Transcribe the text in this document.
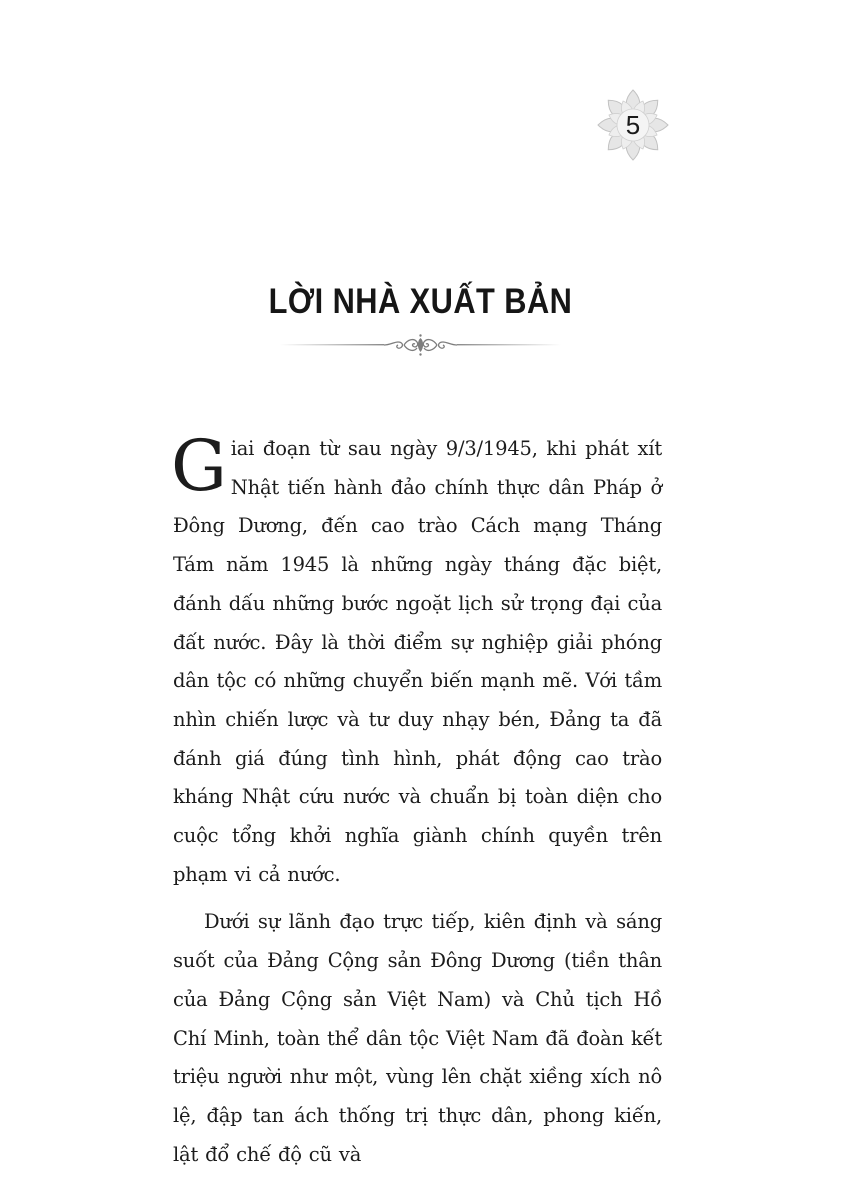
5
LỜI NHÀ XUẤT BẢN

Giai đoạn từ sau ngày 9/3/1945, khi phát xít Nhật tiến hành đảo chính thực dân Pháp ở Đông Dương, đến cao trào Cách mạng Tháng Tám năm 1945 là những ngày tháng đặc biệt, đánh dấu những bước ngoặt lịch sử trọng đại của đất nước. Đây là thời điểm sự nghiệp giải phóng dân tộc có những chuyển biến mạnh mẽ. Với tầm nhìn chiến lược và tư duy nhạy bén, Đảng ta đã đánh giá đúng tình hình, phát động cao trào kháng Nhật cứu nước và chuẩn bị toàn diện cho cuộc tổng khởi nghĩa giành chính quyền trên phạm vi cả nước.

Dưới sự lãnh đạo trực tiếp, kiên định và sáng suốt của Đảng Cộng sản Đông Dương (tiền thân của Đảng Cộng sản Việt Nam) và Chủ tịch Hồ Chí Minh, toàn thể dân tộc Việt Nam đã đoàn kết triệu người như một, vùng lên chặt xiềng xích nô lệ, đập tan ách thống trị thực dân, phong kiến, lật đổ chế độ cũ và
